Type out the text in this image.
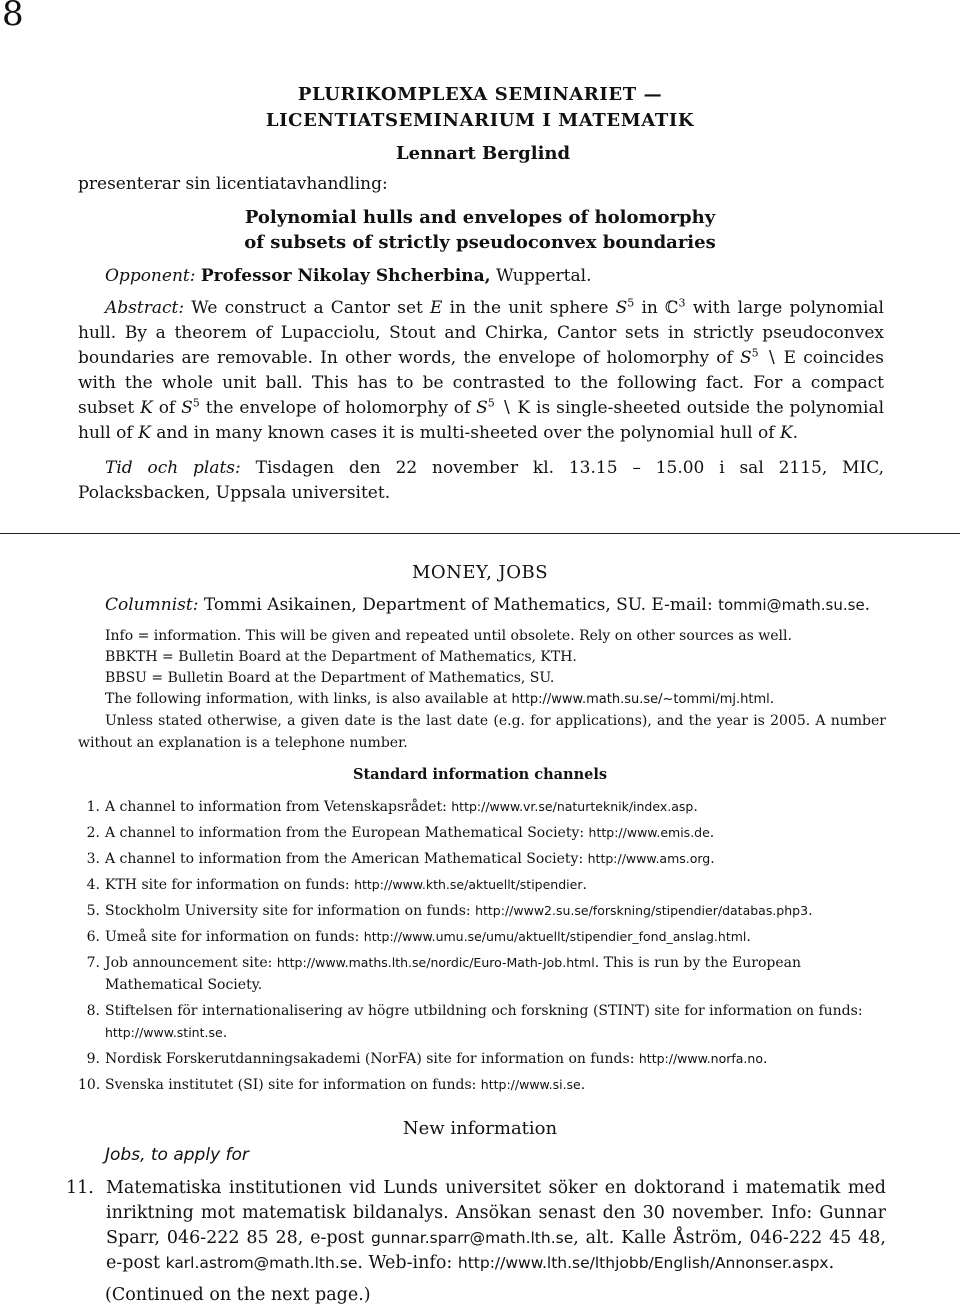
8
PLURIKOMPLEXA SEMINARIET —
LICENTIATSEMINARIUM I MATEMATIK
Lennart Berglind
presenterar sin licentiatavhandling:
Polynomial hulls and envelopes of holomorphy
of subsets of strictly pseudoconvex boundaries
Opponent: Professor Nikolay Shcherbina, Wuppertal.
Abstract: We construct a Cantor set E in the unit sphere $S^5$ in ℂ$^3$ with large polynomial hull. By a theorem of Lupacciolu, Stout and Chirka, Cantor sets in strictly pseudoconvex boundaries are removable. In other words, the envelope of holomorphy of $S^5$ ∖ E coincides with the whole unit ball. This has to be contrasted to the following fact. For a compact subset K of $S^5$ the envelope of holomorphy of $S^5$ ∖ K is single-sheeted outside the polynomial hull of K and in many known cases it is multi-sheeted over the polynomial hull of K.
Tid och plats: Tisdagen den 22 november kl. 13.15 – 15.00 i sal 2115, MIC, Polacksbacken, Uppsala universitet.
MONEY, JOBS
Columnist: Tommi Asikainen, Department of Mathematics, SU. E-mail: tommi@math.su.se.
Info = information. This will be given and repeated until obsolete. Rely on other sources as well.
BBKTH = Bulletin Board at the Department of Mathematics, KTH.
BBSU = Bulletin Board at the Department of Mathematics, SU.
The following information, with links, is also available at http://www.math.su.se/~tommi/mj.html.
Unless stated otherwise, a given date is the last date (e.g. for applications), and the year is 2005. A number without an explanation is a telephone number.
Standard information channels
1. A channel to information from Vetenskapsrådet: http://www.vr.se/naturteknik/index.asp.
2. A channel to information from the European Mathematical Society: http://www.emis.de.
3. A channel to information from the American Mathematical Society: http://www.ams.org.
4. KTH site for information on funds: http://www.kth.se/aktuellt/stipendier.
5. Stockholm University site for information on funds: http://www2.su.se/forskning/stipendier/databas.php3.
6. Umeå site for information on funds: http://www.umu.se/umu/aktuellt/stipendier_fond_anslag.html.
7. Job announcement site: http://www.maths.lth.se/nordic/Euro-Math-Job.html. This is run by the European Mathematical Society.
8. Stiftelsen för internationalisering av högre utbildning och forskning (STINT) site for information on funds: http://www.stint.se.
9. Nordisk Forskerutdanningsakademi (NorFA) site for information on funds: http://www.norfa.no.
10. Svenska institutet (SI) site for information on funds: http://www.si.se.
New information
Jobs, to apply for
11. Matematiska institutionen vid Lunds universitet söker en doktorand i matematik med inriktning mot matematisk bildanalys. Ansökan senast den 30 november. Info: Gunnar Sparr, 046-222 85 28, e-post gunnar.sparr@math.lth.se, alt. Kalle Åström, 046-222 45 48, e-post karl.astrom@math.lth.se. Web-info: http://www.lth.se/lthjobb/English/Annonser.aspx.
(Continued on the next page.)
